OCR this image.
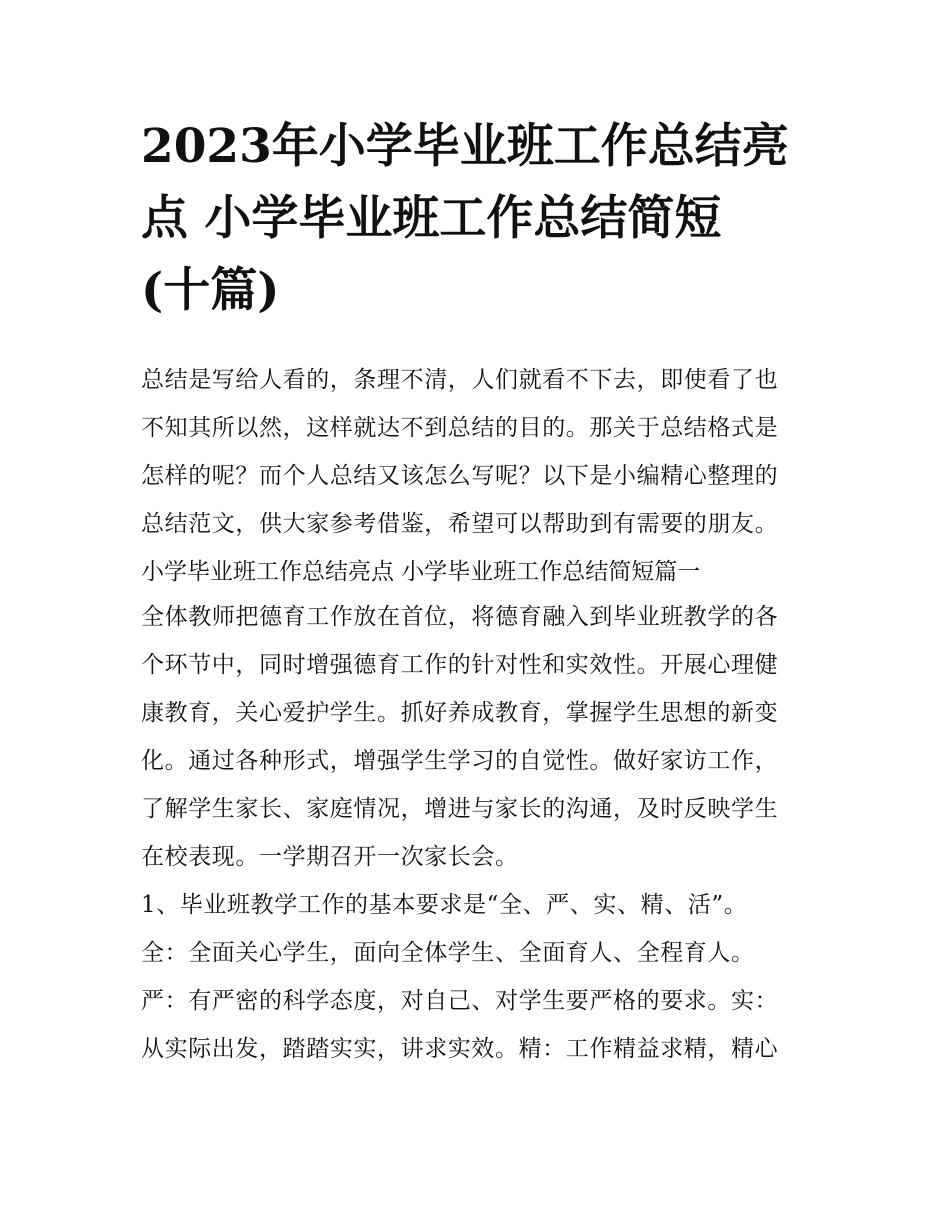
2023年小学毕业班工作总结亮
点 小学毕业班工作总结简短
(十篇)
总结是写给人看的，条理不清，人们就看不下去，即使看了也
不知其所以然，这样就达不到总结的目的。那关于总结格式是
怎样的呢？而个人总结又该怎么写呢？以下是小编精心整理的
总结范文，供大家参考借鉴，希望可以帮助到有需要的朋友。
小学毕业班工作总结亮点 小学毕业班工作总结简短篇一
全体教师把德育工作放在首位，将德育融入到毕业班教学的各
个环节中，同时增强德育工作的针对性和实效性。开展心理健
康教育，关心爱护学生。抓好养成教育，掌握学生思想的新变
化。通过各种形式，增强学生学习的自觉性。做好家访工作，
了解学生家长、家庭情况，增进与家长的沟通，及时反映学生
在校表现。一学期召开一次家长会。
1、毕业班教学工作的基本要求是“全、严、实、精、活”。
全：全面关心学生，面向全体学生、全面育人、全程育人。
严：有严密的科学态度，对自己、对学生要严格的要求。实：
从实际出发，踏踏实实，讲求实效。精：工作精益求精，精心
